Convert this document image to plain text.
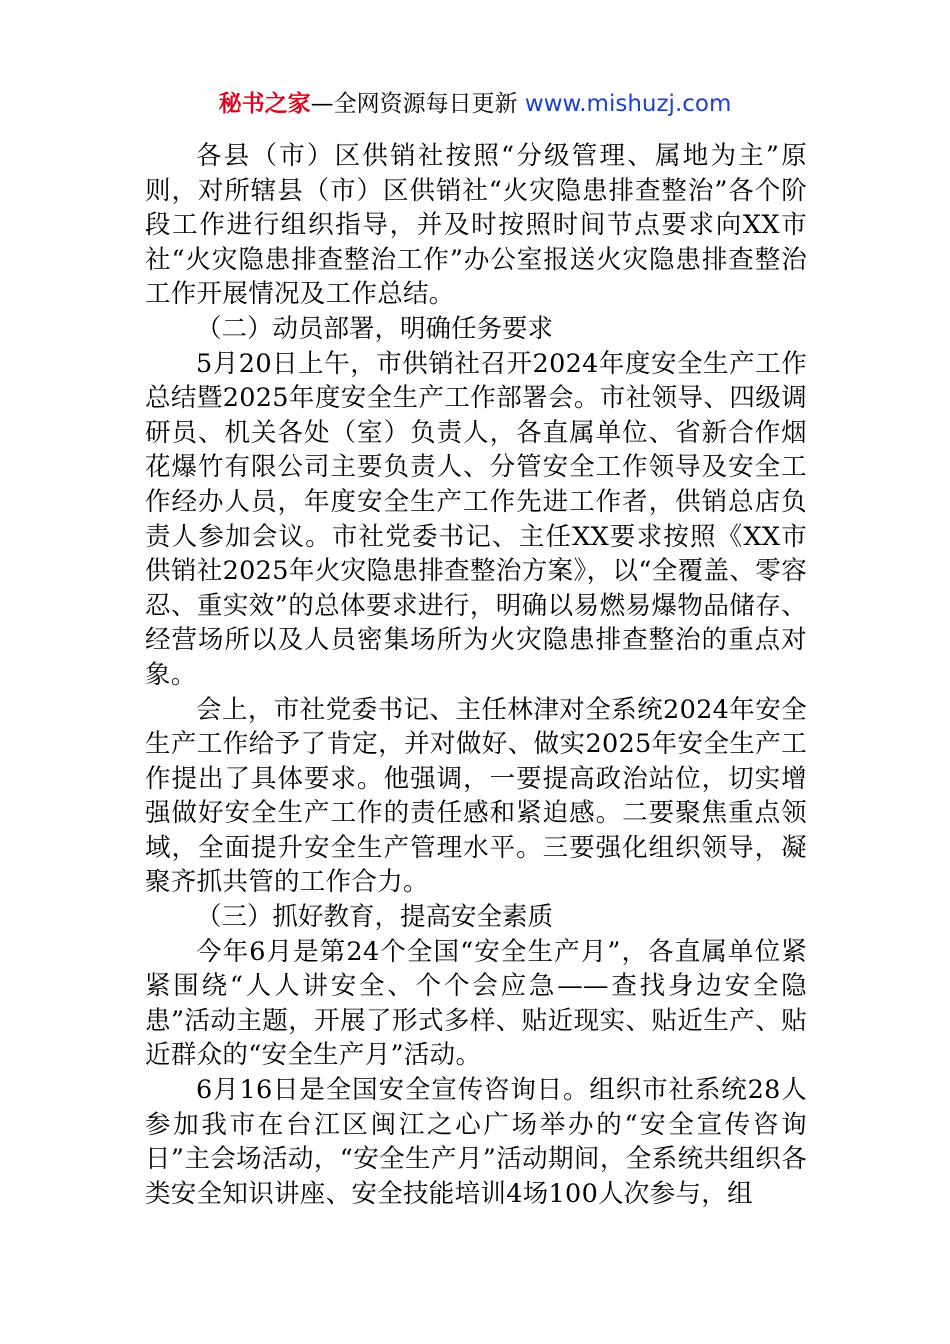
秘书之家—全网资源每日更新 www.mishuzj.com

各县（市）区供销社按照“分级管理、属地为主”原则，对所辖县（市）区供销社“火灾隐患排查整治”各个阶段工作进行组织指导，并及时按照时间节点要求向XX市社“火灾隐患排查整治工作”办公室报送火灾隐患排查整治工作开展情况及工作总结。

（二）动员部署，明确任务要求

5月20日上午，市供销社召开2024年度安全生产工作总结暨2025年度安全生产工作部署会。市社领导、四级调研员、机关各处（室）负责人，各直属单位、省新合作烟花爆竹有限公司主要负责人、分管安全工作领导及安全工作经办人员，年度安全生产工作先进工作者，供销总店负责人参加会议。市社党委书记、主任XX要求按照《XX市供销社2025年火灾隐患排查整治方案》，以“全覆盖、零容忍、重实效”的总体要求进行，明确以易燃易爆物品储存、经营场所以及人员密集场所为火灾隐患排查整治的重点对象。

会上，市社党委书记、主任林津对全系统2024年安全生产工作给予了肯定，并对做好、做实2025年安全生产工作提出了具体要求。他强调，一要提高政治站位，切实增强做好安全生产工作的责任感和紧迫感。二要聚焦重点领域，全面提升安全生产管理水平。三要强化组织领导，凝聚齐抓共管的工作合力。

（三）抓好教育，提高安全素质

今年6月是第24个全国“安全生产月”，各直属单位紧紧围绕“人人讲安全、个个会应急——查找身边安全隐患”活动主题，开展了形式多样、贴近现实、贴近生产、贴近群众的“安全生产月”活动。

6月16日是全国安全宣传咨询日。组织市社系统28人参加我市在台江区闽江之心广场举办的“安全宣传咨询日”主会场活动，“安全生产月”活动期间，全系统共组织各类安全知识讲座、安全技能培训4场100人次参与，组
